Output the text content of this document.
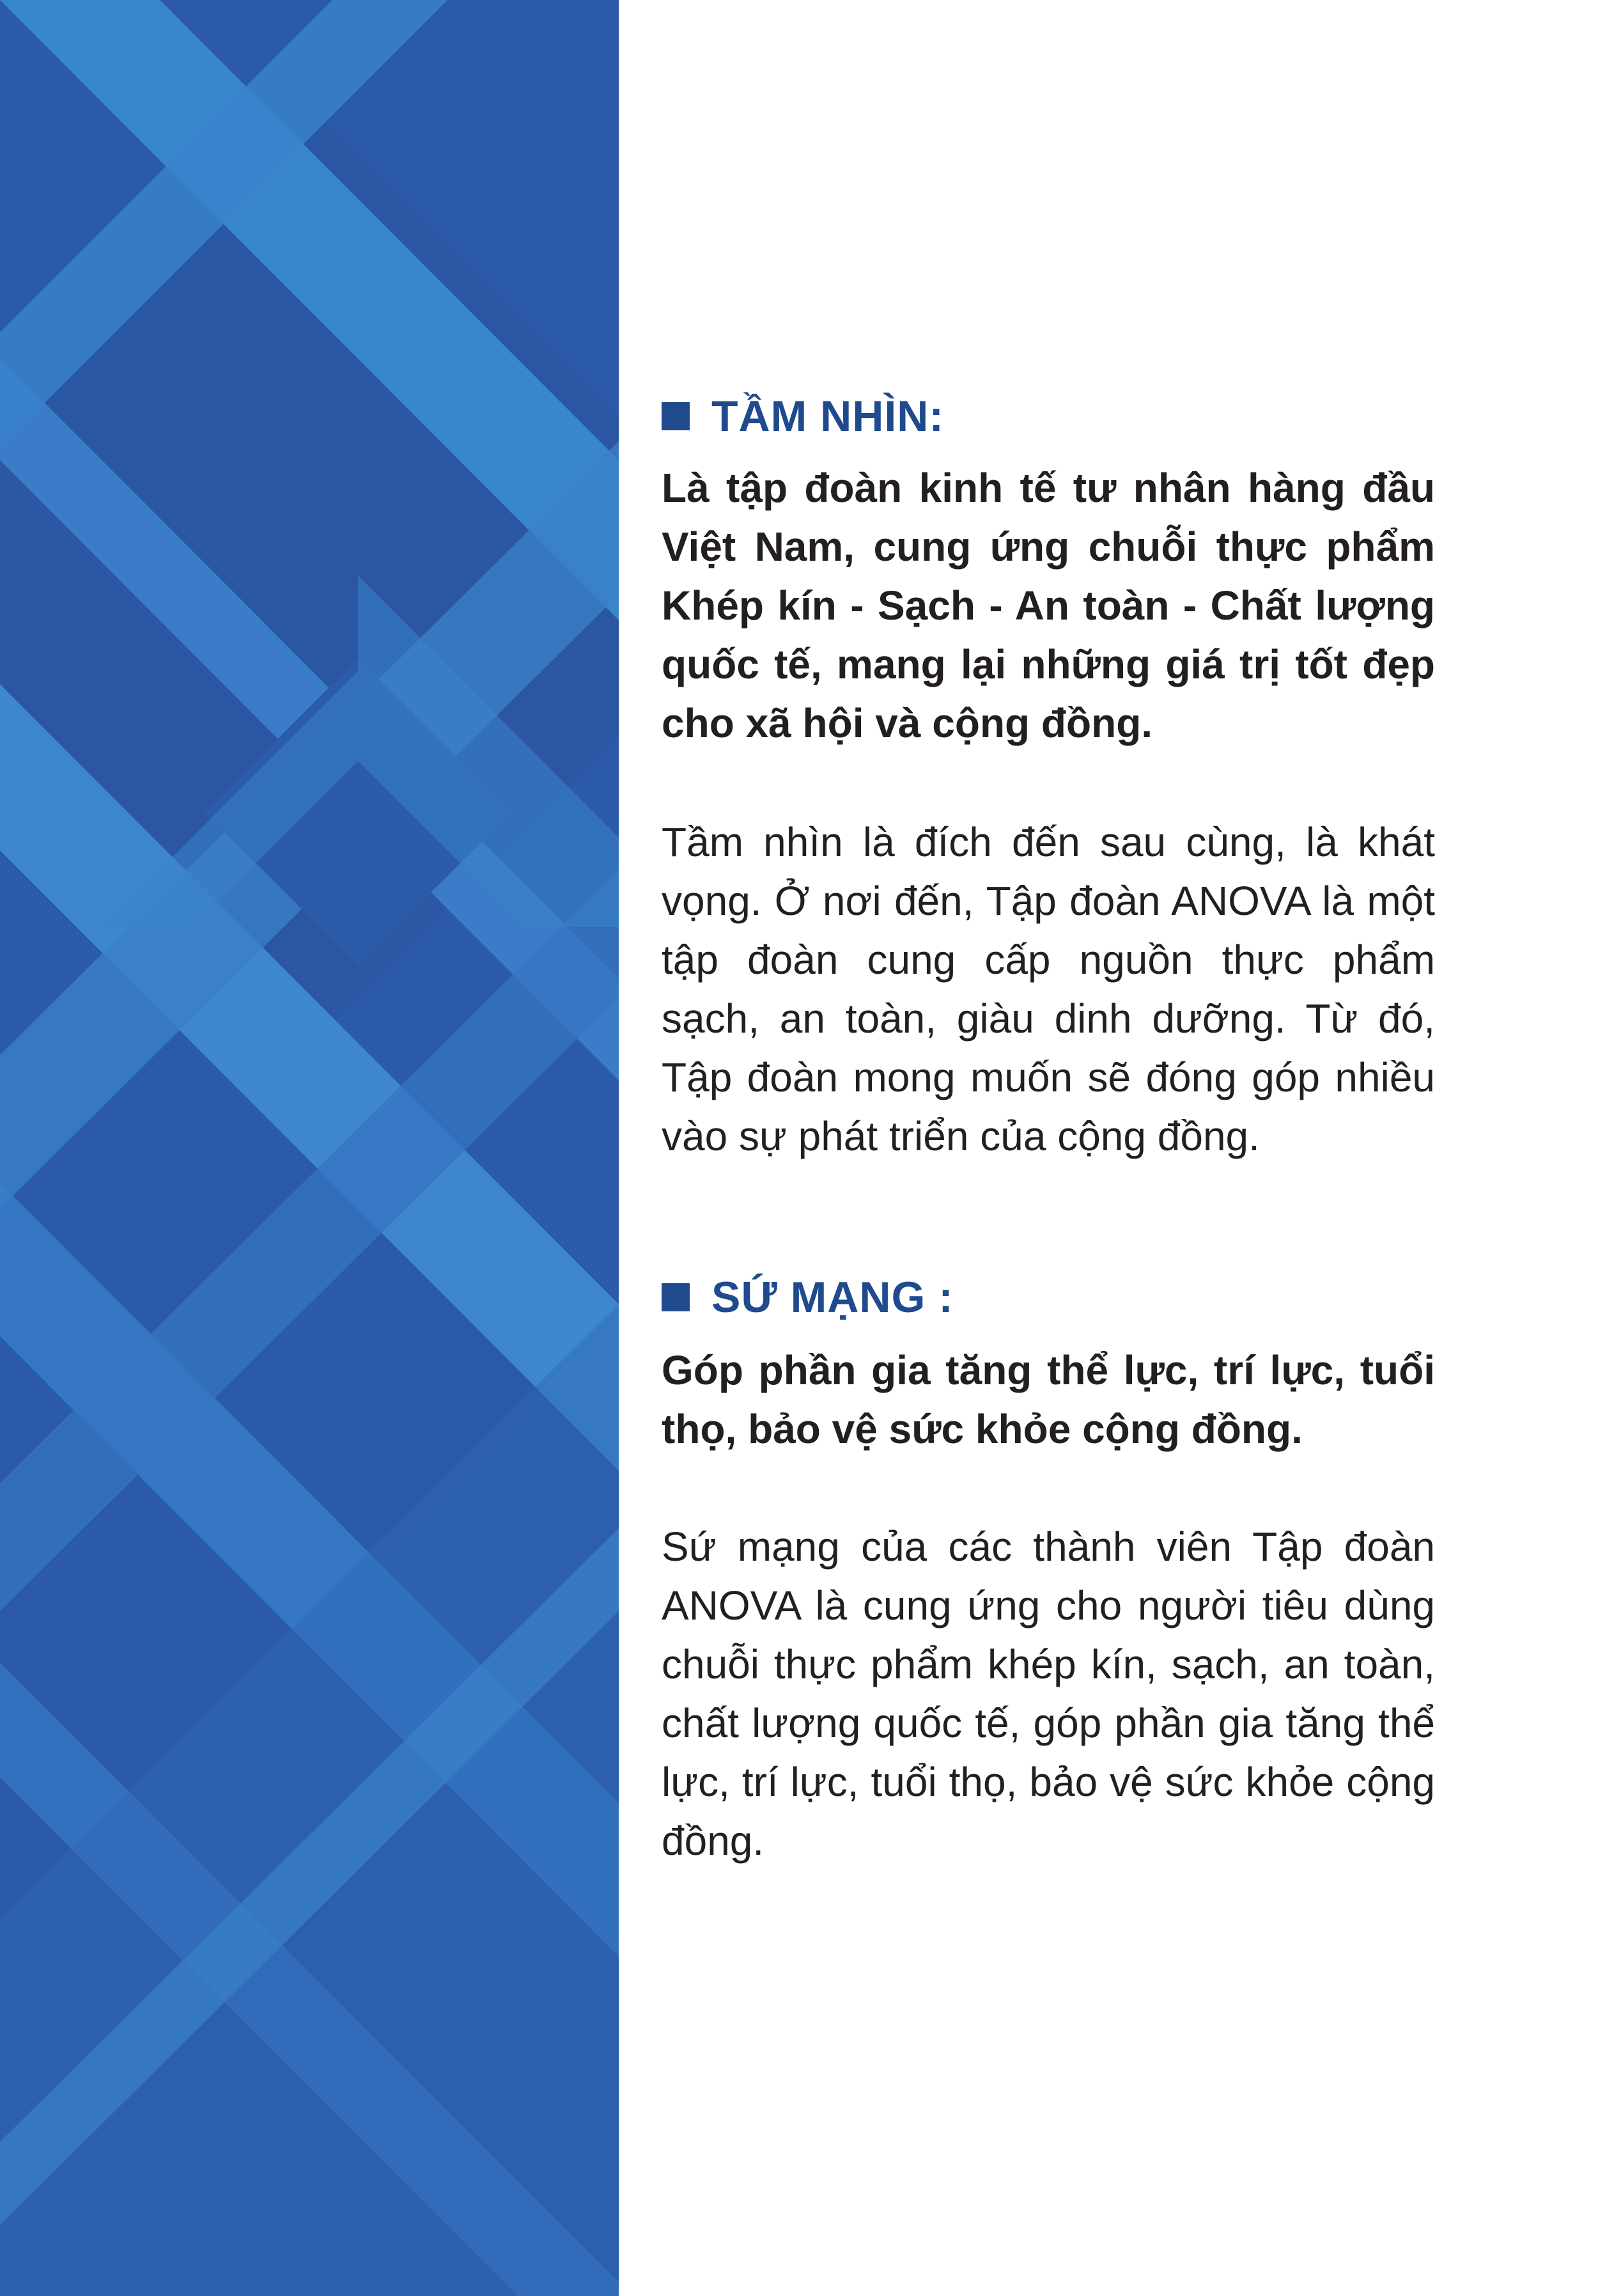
TẦM NHÌN:
Là tập đoàn kinh tế tư nhân hàng đầu Việt Nam, cung ứng chuỗi thực phẩm Khép kín - Sạch - An toàn - Chất lượng quốc tế, mang lại những giá trị tốt đẹp cho xã hội và cộng đồng.
Tầm nhìn là đích đến sau cùng, là khát vọng. Ở nơi đến, Tập đoàn ANOVA là một tập đoàn cung cấp nguồn thực phẩm sạch, an toàn, giàu dinh dưỡng. Từ đó, Tập đoàn mong muốn sẽ đóng góp nhiều vào sự phát triển của cộng đồng.
SỨ MẠNG :
Góp phần gia tăng thể lực, trí lực, tuổi thọ, bảo vệ sức khỏe cộng đồng.
Sứ mạng của các thành viên Tập đoàn ANOVA là cung ứng cho người tiêu dùng chuỗi thực phẩm khép kín, sạch, an toàn, chất lượng quốc tế, góp phần gia tăng thể lực, trí lực, tuổi thọ, bảo vệ sức khỏe cộng đồng.
